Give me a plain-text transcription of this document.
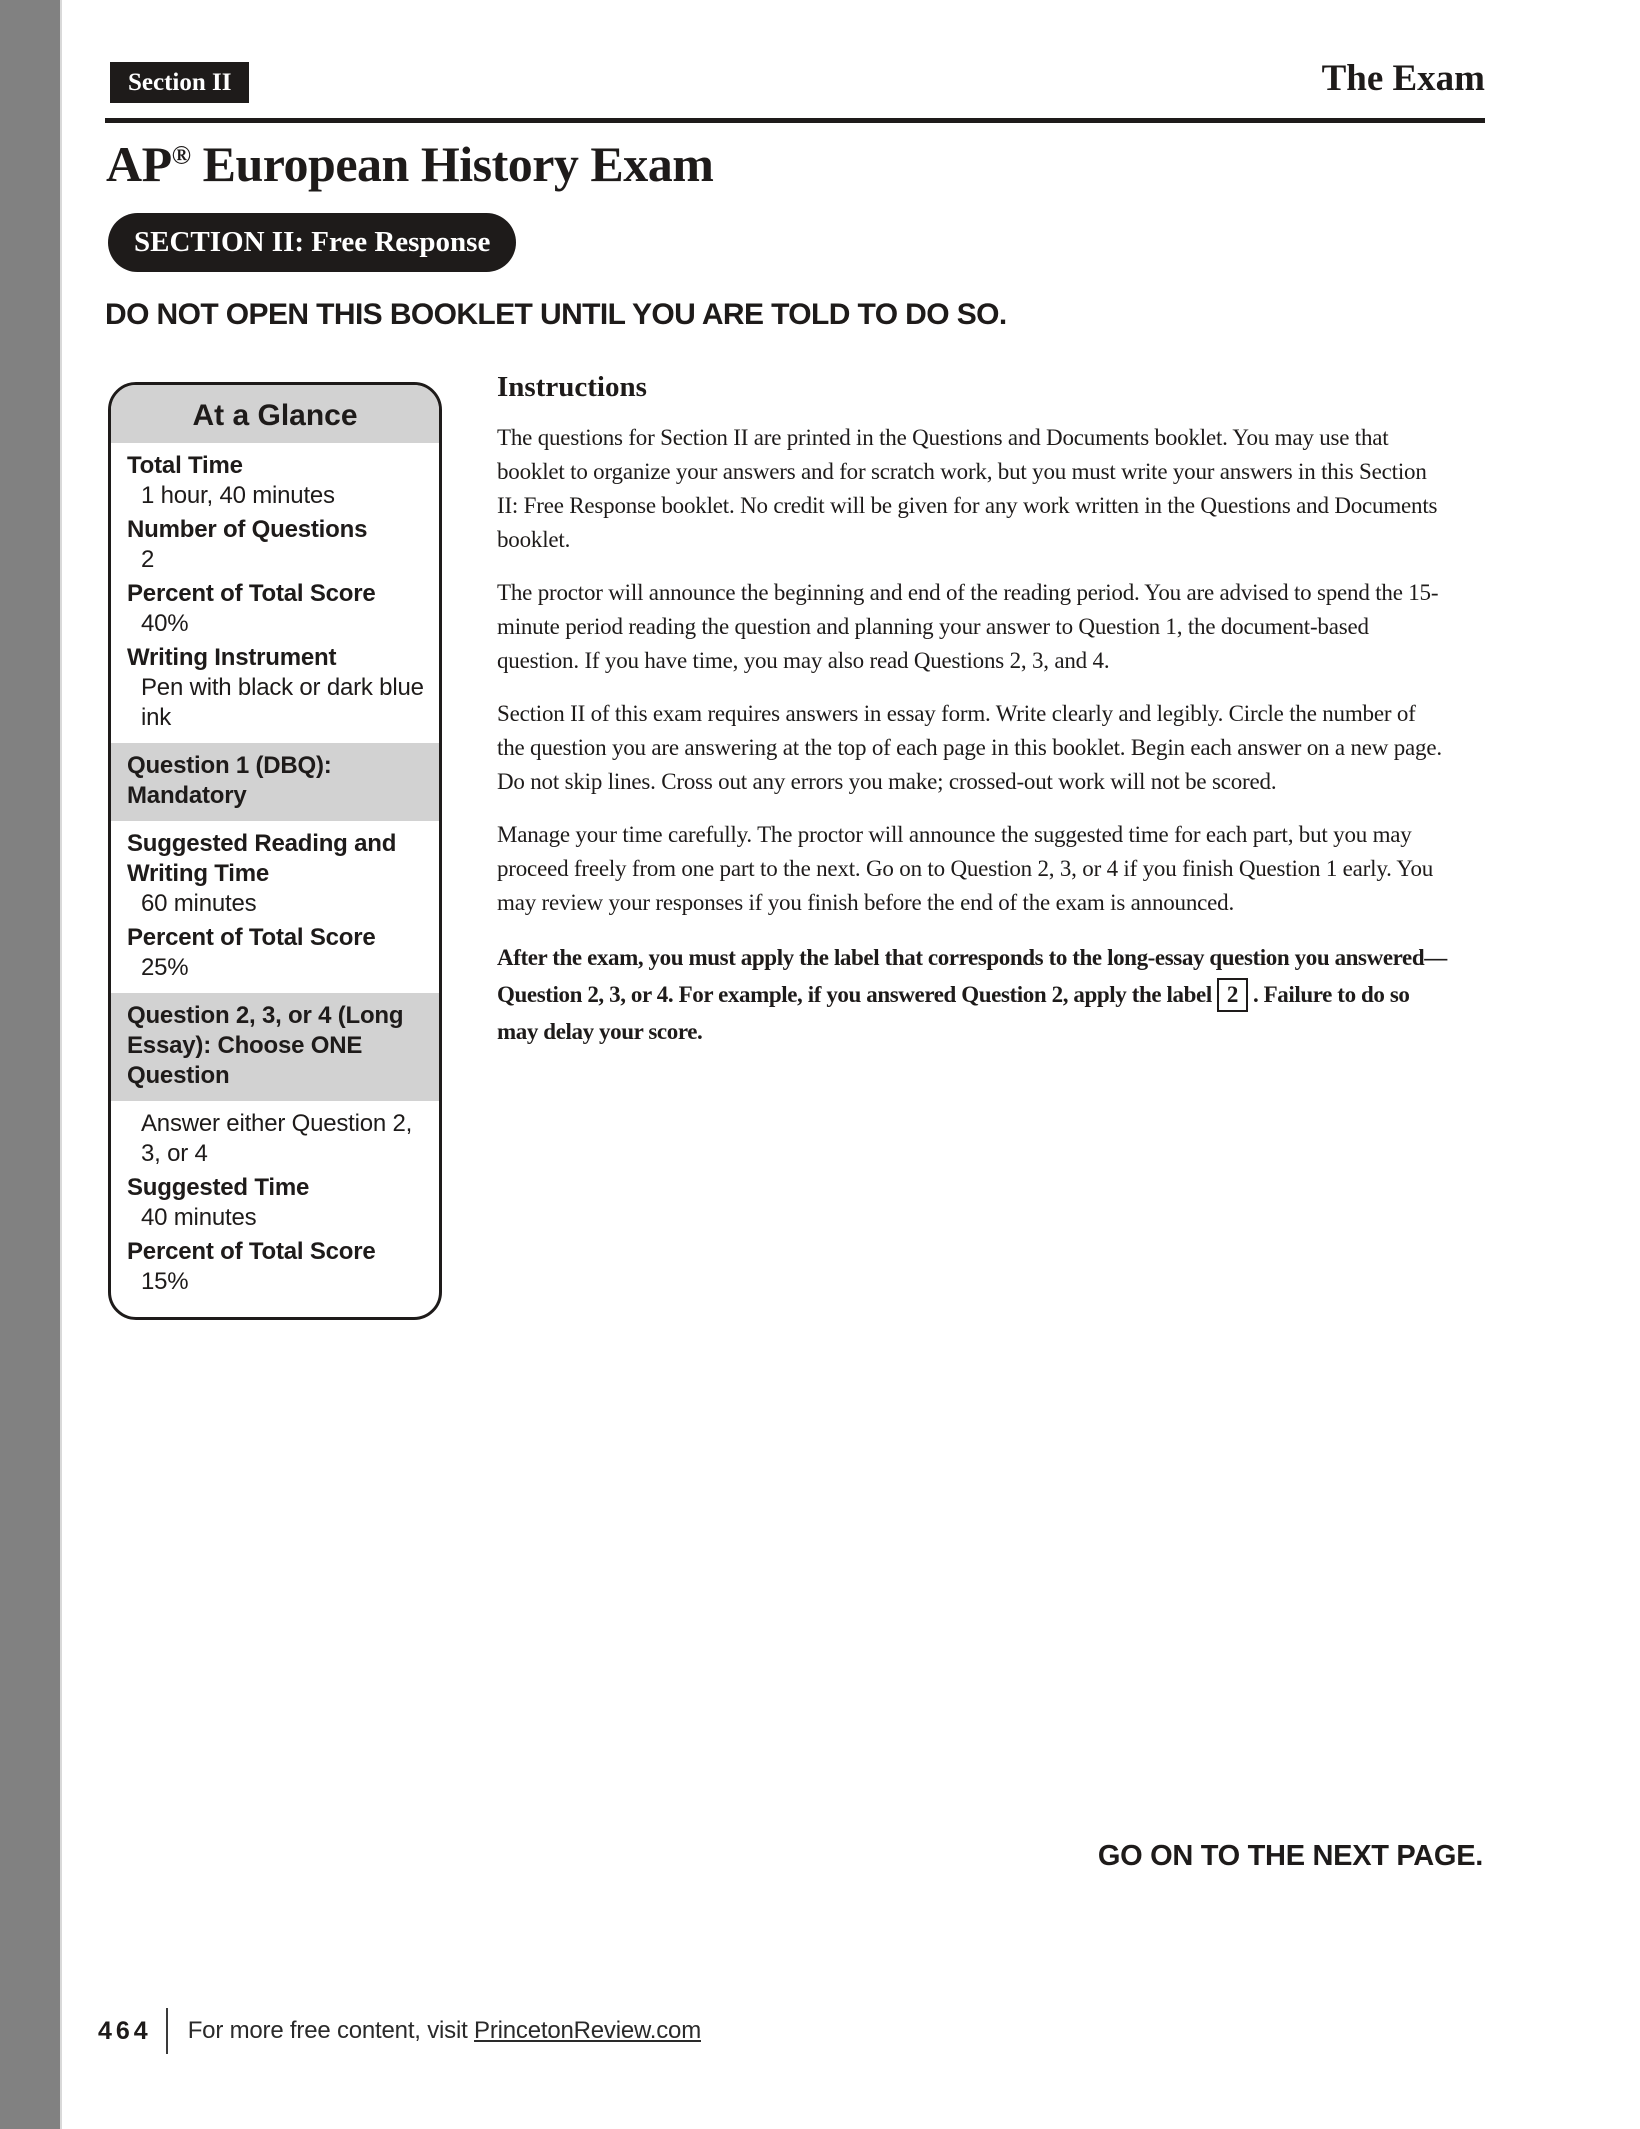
Section II	The Exam
AP® European History Exam
SECTION II: Free Response
DO NOT OPEN THIS BOOKLET UNTIL YOU ARE TOLD TO DO SO.
At a Glance
Total Time
1 hour, 40 minutes
Number of Questions
2
Percent of Total Score
40%
Writing Instrument
Pen with black or dark blue ink
Question 1 (DBQ): Mandatory
Suggested Reading and Writing Time
60 minutes
Percent of Total Score
25%
Question 2, 3, or 4 (Long Essay): Choose ONE Question
Answer either Question 2, 3, or 4
Suggested Time
40 minutes
Percent of Total Score
15%
Instructions

The questions for Section II are printed in the Questions and Documents booklet. You may use that booklet to organize your answers and for scratch work, but you must write your answers in this Section II: Free Response booklet. No credit will be given for any work written in the Questions and Documents booklet.

The proctor will announce the beginning and end of the reading period. You are advised to spend the 15-minute period reading the question and planning your answer to Question 1, the document-based question. If you have time, you may also read Questions 2, 3, and 4.

Section II of this exam requires answers in essay form. Write clearly and legibly. Circle the number of the question you are answering at the top of each page in this booklet. Begin each answer on a new page. Do not skip lines. Cross out any errors you make; crossed-out work will not be scored.

Manage your time carefully. The proctor will announce the suggested time for each part, but you may proceed freely from one part to the next. Go on to Question 2, 3, or 4 if you finish Question 1 early. You may review your responses if you finish before the end of the exam is announced.

After the exam, you must apply the label that corresponds to the long-essay question you answered—Question 2, 3, or 4. For example, if you answered Question 2, apply the label 2 . Failure to do so may delay your score.

GO ON TO THE NEXT PAGE.
464 For more free content, visit PrincetonReview.com
